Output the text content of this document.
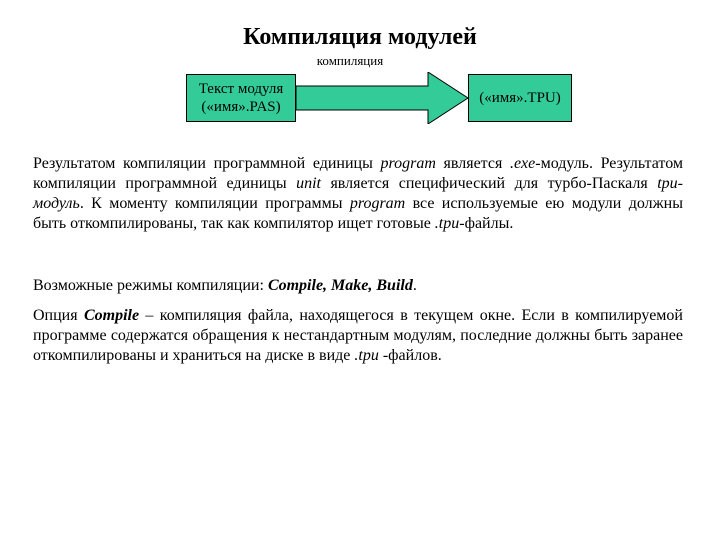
Компиляция модулей
компиляция
Текст модуля
(«имя».PAS)
(«имя».TPU)
Результатом компиляции программной единицы program является .exe-модуль. Результатом компиляции программной единицы unit является специфический для турбо-Паскаля tpu-модуль. К моменту компиляции программы program все используемые ею модули должны быть откомпилированы, так как компилятор ищет готовые .tpu-файлы.
Возможные режимы компиляции: Compile, Make, Build.
Опция Compile – компиляция файла, находящегося в текущем окне. Если в компилируемой программе содержатся обращения к нестандартным модулям, последние должны быть заранее откомпилированы и храниться на диске в виде .tpu -файлов.
